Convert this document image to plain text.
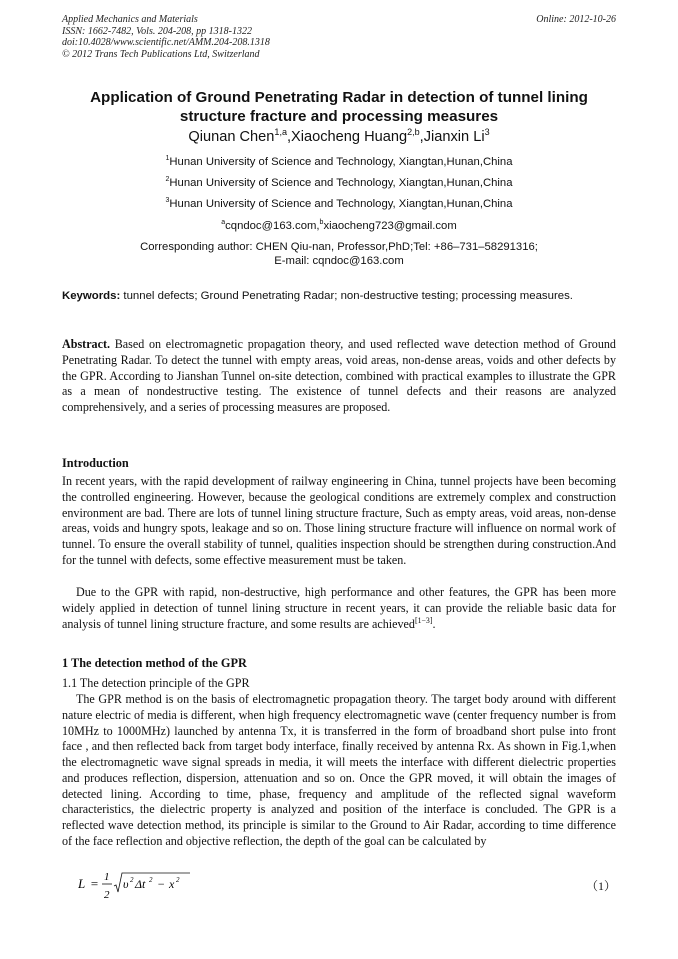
Applied Mechanics and Materials
ISSN: 1662-7482, Vols. 204-208, pp 1318-1322
doi:10.4028/www.scientific.net/AMM.204-208.1318
© 2012 Trans Tech Publications Ltd, Switzerland
Online: 2012-10-26
Application of Ground Penetrating Radar in detection of tunnel lining structure fracture and processing measures
Qiunan Chen$^{1,a}$,Xiaocheng Huang$^{2,b}$,Jianxin Li$^3$
$^1$Hunan University of Science and Technology, Xiangtan,Hunan,China
$^2$Hunan University of Science and Technology, Xiangtan,Hunan,China
$^3$Hunan University of Science and Technology, Xiangtan,Hunan,China
$^a$cqndoc@163.com,$^b$xiaocheng723@gmail.com
Corresponding author: CHEN Qiu-nan, Professor,PhD;Tel: +86–731–58291316;
E-mail: cqndoc@163.com
Keywords: tunnel defects; Ground Penetrating Radar; non-destructive testing; processing measures.
Abstract. Based on electromagnetic propagation theory, and used reflected wave detection method of Ground Penetrating Radar. To detect the tunnel with empty areas, void areas, non-dense areas, voids and other defects by the GPR. According to Jianshan Tunnel on-site detection, combined with practical examples to illustrate the GPR as a mean of nondestructive testing. The existence of tunnel defects and their reasons are analyzed comprehensively, and a series of processing measures are proposed.
Introduction
In recent years, with the rapid development of railway engineering in China, tunnel projects have been becoming the controlled engineering. However, because the geological conditions are extremely complex and construction environment are bad. There are lots of tunnel lining structure fracture, Such as empty areas, void areas, non-dense areas, voids and hungry spots, leakage and so on. Those lining structure fracture will influence on normal work of tunnel. To ensure the overall stability of tunnel, qualities inspection should be strengthen during construction.And for the tunnel with defects, some effective measurement must be taken.
Due to the GPR with rapid, non-destructive, high performance and other features, the GPR has been more widely applied in detection of tunnel lining structure in recent years, it can provide the reliable basic data for analysis of tunnel lining structure fracture, and some results are achieved[1−3].
1 The detection method of the GPR
1.1 The detection principle of the GPR
The GPR method is on the basis of electromagnetic propagation theory. The target body around with different nature electric of media is different, when high frequency electromagnetic wave (center frequency number is from 10MHz to 1000MHz) launched by antenna Tx, it is transferred in the form of broadband short pulse into front face , and then reflected back from target body interface, finally received by antenna Rx. As shown in Fig.1,when the electromagnetic wave signal spreads in media, it will meets the interface with different dielectric properties and produces reflection, dispersion, attenuation and so on. Once the GPR moved, it will obtain the images of detected lining. According to time, phase, frequency and amplitude of the reflected signal waveform characteristics, the dielectric property is analyzed and position of the interface is concluded. The GPR is a reflected wave detection method, its principle is similar to the Ground to Air Radar, according to time difference of the face reflection and objective reflection, the depth of the goal can be calculated by
L = 1
2
υ 2 Δt 2 − x 2	（1）
